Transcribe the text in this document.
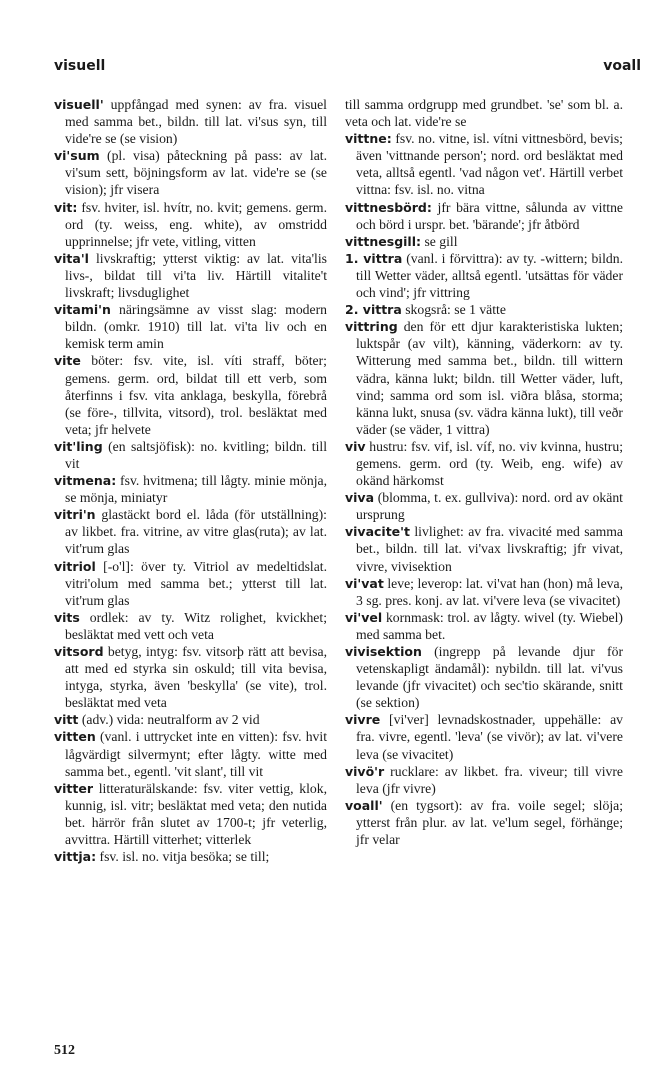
visuell	voall

visuell' uppfångad med synen: av fra. visuel med samma bet., bildn. till lat. vi'sus syn, till vide're se (se vision)

vi'sum (pl. visa) påteckning på pass: av lat. vi'sum sett, böjningsform av lat. vide're se (se vision); jfr visera

vit: fsv. hviter, isl. hvítr, no. kvit; gemens. germ. ord (ty. weiss, eng. white), av omstridd upprinnelse; jfr vete, vitling, vitten

vita'l livskraftig; ytterst viktig: av lat. vita'lis livs-, bildat till vi'ta liv. Härtill vitalite't livskraft; livsduglighet

vitami'n näringsämne av visst slag: modern bildn. (omkr. 1910) till lat. vi'ta liv och en kemisk term amin

vite böter: fsv. vite, isl. víti straff, böter; gemens. germ. ord, bildat till ett verb, som återfinns i fsv. vita anklaga, beskylla, förebrå (se före-, tillvita, vitsord), trol. besläktat med veta; jfr helvete

vit'ling (en saltsjöfisk): no. kvitling; bildn. till vit

vitmena: fsv. hvitmena; till lågty. minie mönja, se mönja, miniatyr

vitri'n glastäckt bord el. låda (för utställning): av likbet. fra. vitrine, av vitre glas(ruta); av lat. vit'rum glas

vitriol [-o'l]: över ty. Vitriol av medeltidslat. vitri'olum med samma bet.; ytterst till lat. vit'rum glas

vits ordlek: av ty. Witz rolighet, kvickhet; besläktat med vett och veta

vitsord betyg, intyg: fsv. vitsorþ rätt att bevisa, att med ed styrka sin oskuld; till vita bevisa, intyga, styrka, även 'beskylla' (se vite), trol. besläktat med veta

vitt (adv.) vida: neutralform av 2 vid

vitten (vanl. i uttrycket inte en vitten): fsv. hvit lågvärdigt silvermynt; efter lågty. witte med samma bet., egentl. 'vit slant', till vit

vitter litteraturälskande: fsv. viter vettig, klok, kunnig, isl. vitr; besläktat med veta; den nutida bet. härrör från slutet av 1700-t; jfr veterlig, avvittra. Härtill vitterhet; vitterlek

vittja: fsv. isl. no. vitja besöka; se till;

till samma ordgrupp med grundbet. 'se' som bl. a. veta och lat. vide're se

vittne: fsv. no. vitne, isl. vítni vittnesbörd, bevis; även 'vittnande person'; nord. ord besläktat med veta, alltså egentl. 'vad någon vet'. Härtill verbet vittna: fsv. isl. no. vitna

vittnesbörd: jfr bära vittne, sålunda av vittne och börd i urspr. bet. 'bärande'; jfr åtbörd

vittnesgill: se gill

1. vittra (vanl. i förvittra): av ty. -wittern; bildn. till Wetter väder, alltså egentl. 'utsättas för väder och vind'; jfr vittring

2. vittra skogsrå: se 1 vätte

vittring den för ett djur karakteristiska lukten; luktspår (av vilt), känning, väderkorn: av ty. Witterung med samma bet., bildn. till wittern vädra, känna lukt; bildn. till Wetter väder, luft, vind; samma ord som isl. viðra blåsa, storma; känna lukt, snusa (sv. vädra känna lukt), till veðr väder (se väder, 1 vittra)

viv hustru: fsv. vif, isl. víf, no. viv kvinna, hustru; gemens. germ. ord (ty. Weib, eng. wife) av okänd härkomst

viva (blomma, t. ex. gullviva): nord. ord av okänt ursprung

vivacite't livlighet: av fra. vivacité med samma bet., bildn. till lat. vi'vax livskraftig; jfr vivat, vivre, vivisektion

vi'vat leve; leverop: lat. vi'vat han (hon) må leva, 3 sg. pres. konj. av lat. vi'vere leva (se vivacitet)

vi'vel kornmask: trol. av lågty. wivel (ty. Wiebel) med samma bet.

vivisektion (ingrepp på levande djur för vetenskapligt ändamål): nybildn. till lat. vi'vus levande (jfr vivacitet) och sec'tio skärande, snitt (se sektion)

vivre [vi'ver] levnadskostnader, uppehälle: av fra. vivre, egentl. 'leva' (se vivör); av lat. vi'vere leva (se vivacitet)

vivö'r rucklare: av likbet. fra. viveur; till vivre leva (jfr vivre)

voall' (en tygsort): av fra. voile segel; slöja; ytterst från plur. av lat. ve'lum segel, förhänge; jfr velar

512
